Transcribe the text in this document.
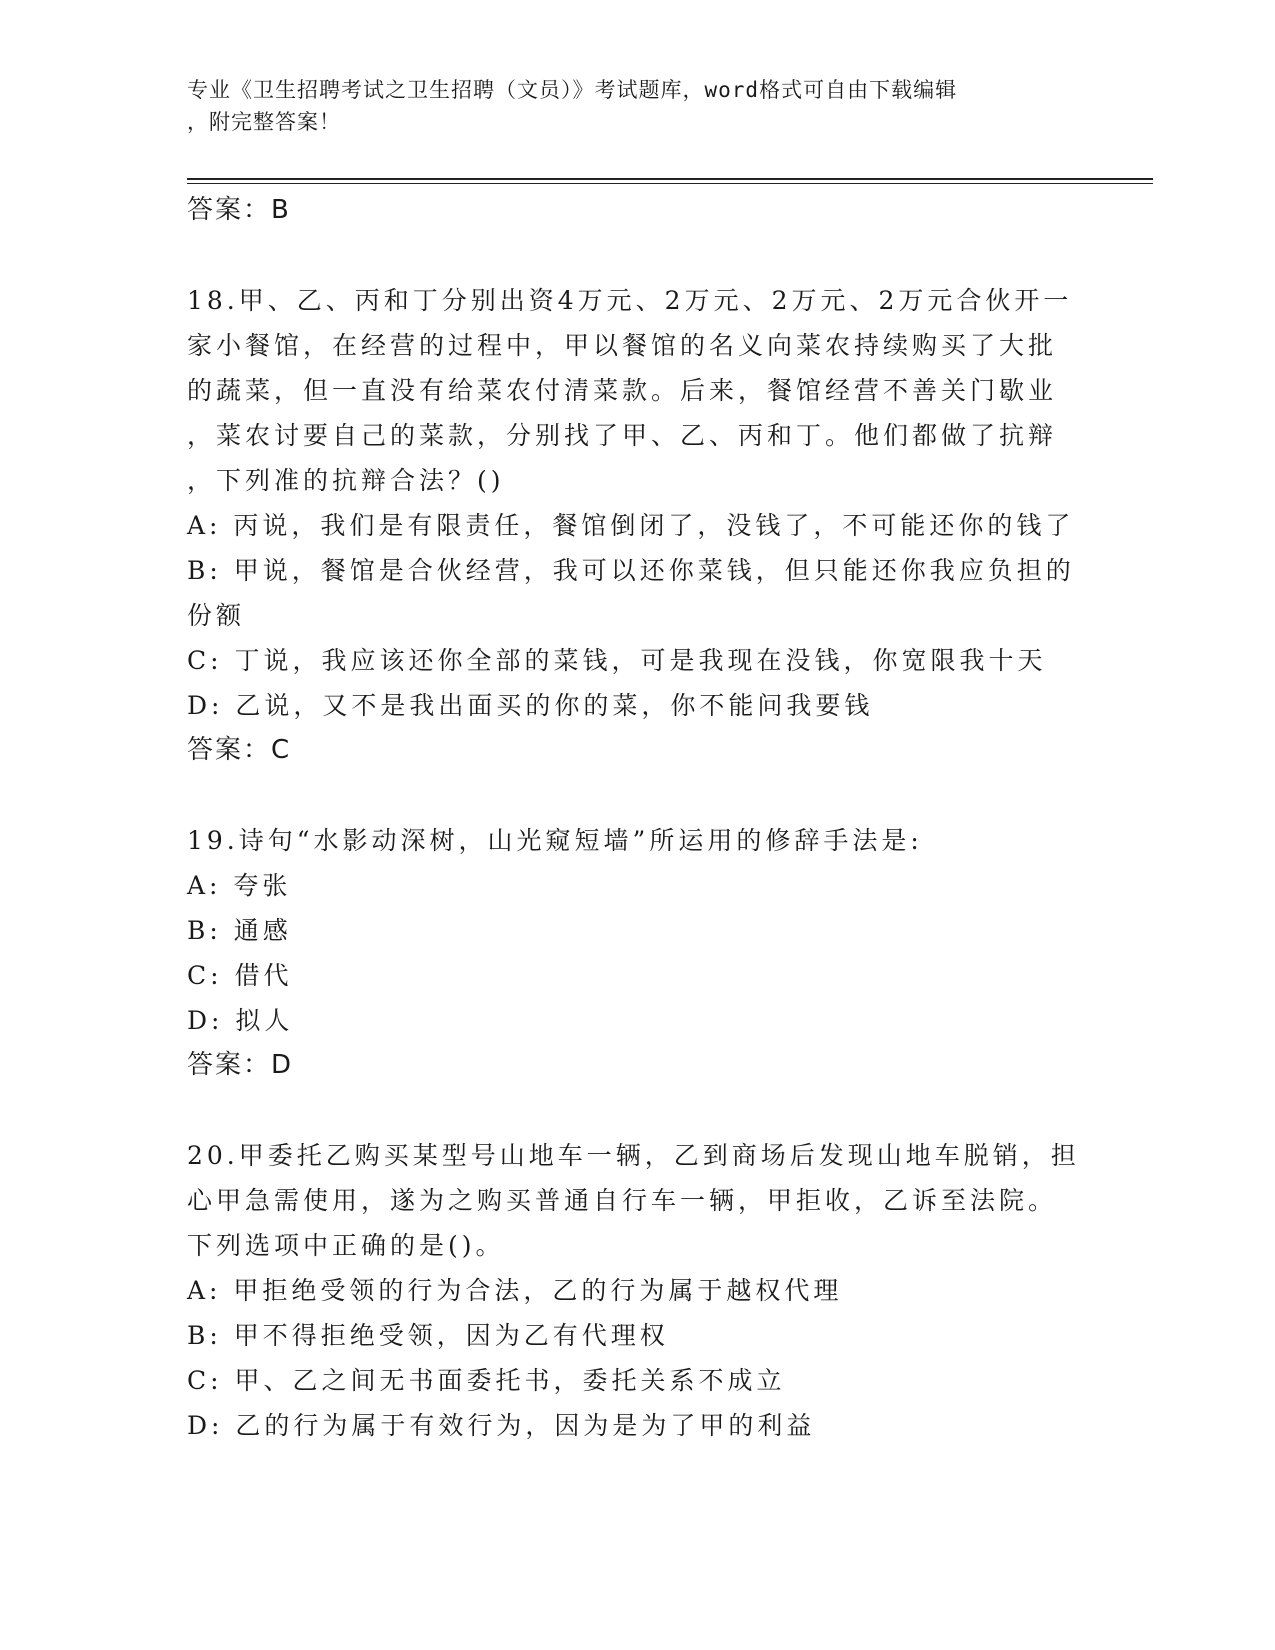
专业《卫生招聘考试之卫生招聘（文员）》考试题库，word格式可自由下载编辑
，附完整答案！
答案：B
18.甲、乙、丙和丁分别出资4万元、2万元、2万元、2万元合伙开一
家小餐馆，在经营的过程中，甲以餐馆的名义向菜农持续购买了大批
的蔬菜，但一直没有给菜农付清菜款。后来，餐馆经营不善关门歇业
，菜农讨要自己的菜款，分别找了甲、乙、丙和丁。他们都做了抗辩
，下列准的抗辩合法？()
A: 丙说，我们是有限责任，餐馆倒闭了，没钱了，不可能还你的钱了
B: 甲说，餐馆是合伙经营，我可以还你菜钱，但只能还你我应负担的
份额
C: 丁说，我应该还你全部的菜钱，可是我现在没钱，你宽限我十天
D: 乙说，又不是我出面买的你的菜，你不能问我要钱
答案：C
19.诗句“水影动深树，山光窥短墙”所运用的修辞手法是:
A: 夸张
B: 通感
C: 借代
D: 拟人
答案：D
20.甲委托乙购买某型号山地车一辆，乙到商场后发现山地车脱销，担
心甲急需使用，遂为之购买普通自行车一辆，甲拒收，乙诉至法院。
下列选项中正确的是()。
A: 甲拒绝受领的行为合法，乙的行为属于越权代理
B: 甲不得拒绝受领，因为乙有代理权
C: 甲、乙之间无书面委托书，委托关系不成立
D: 乙的行为属于有效行为，因为是为了甲的利益
